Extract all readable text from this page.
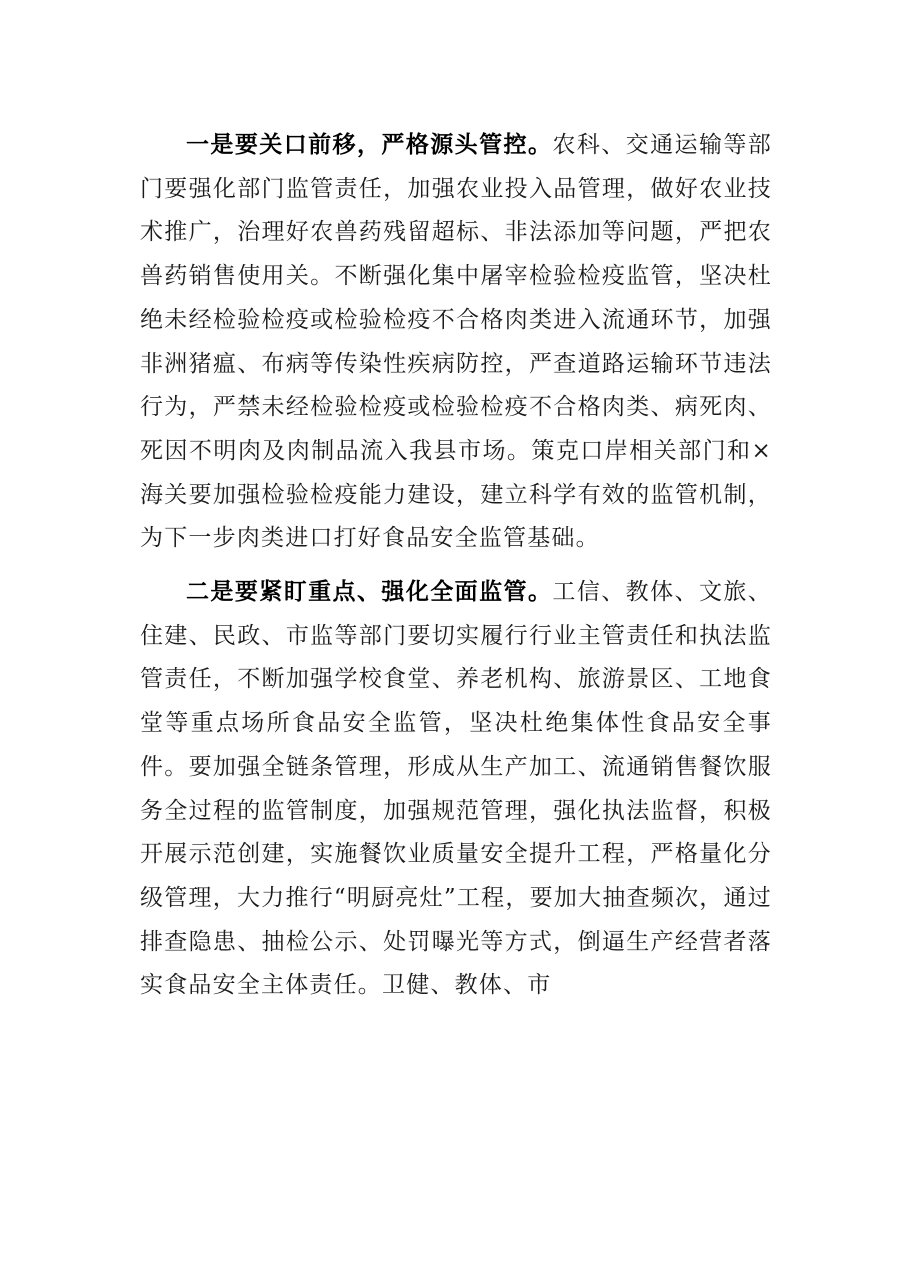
一是要关口前移，严格源头管控。农科、交通运输等部门要强化部门监管责任，加强农业投入品管理，做好农业技术推广，治理好农兽药残留超标、非法添加等问题，严把农兽药销售使用关。不断强化集中屠宰检验检疫监管，坚决杜绝未经检验检疫或检验检疫不合格肉类进入流通环节，加强非洲猪瘟、布病等传染性疾病防控，严查道路运输环节违法行为，严禁未经检验检疫或检验检疫不合格肉类、病死肉、死因不明肉及肉制品流入我县市场。策克口岸相关部门和×海关要加强检验检疫能力建设，建立科学有效的监管机制，为下一步肉类进口打好食品安全监管基础。

二是要紧盯重点、强化全面监管。工信、教体、文旅、住建、民政、市监等部门要切实履行行业主管责任和执法监管责任，不断加强学校食堂、养老机构、旅游景区、工地食堂等重点场所食品安全监管，坚决杜绝集体性食品安全事件。要加强全链条管理，形成从生产加工、流通销售餐饮服务全过程的监管制度，加强规范管理，强化执法监督，积极开展示范创建，实施餐饮业质量安全提升工程，严格量化分级管理，大力推行“明厨亮灶”工程，要加大抽查频次，通过排查隐患、抽检公示、处罚曝光等方式，倒逼生产经营者落实食品安全主体责任。卫健、教体、市
